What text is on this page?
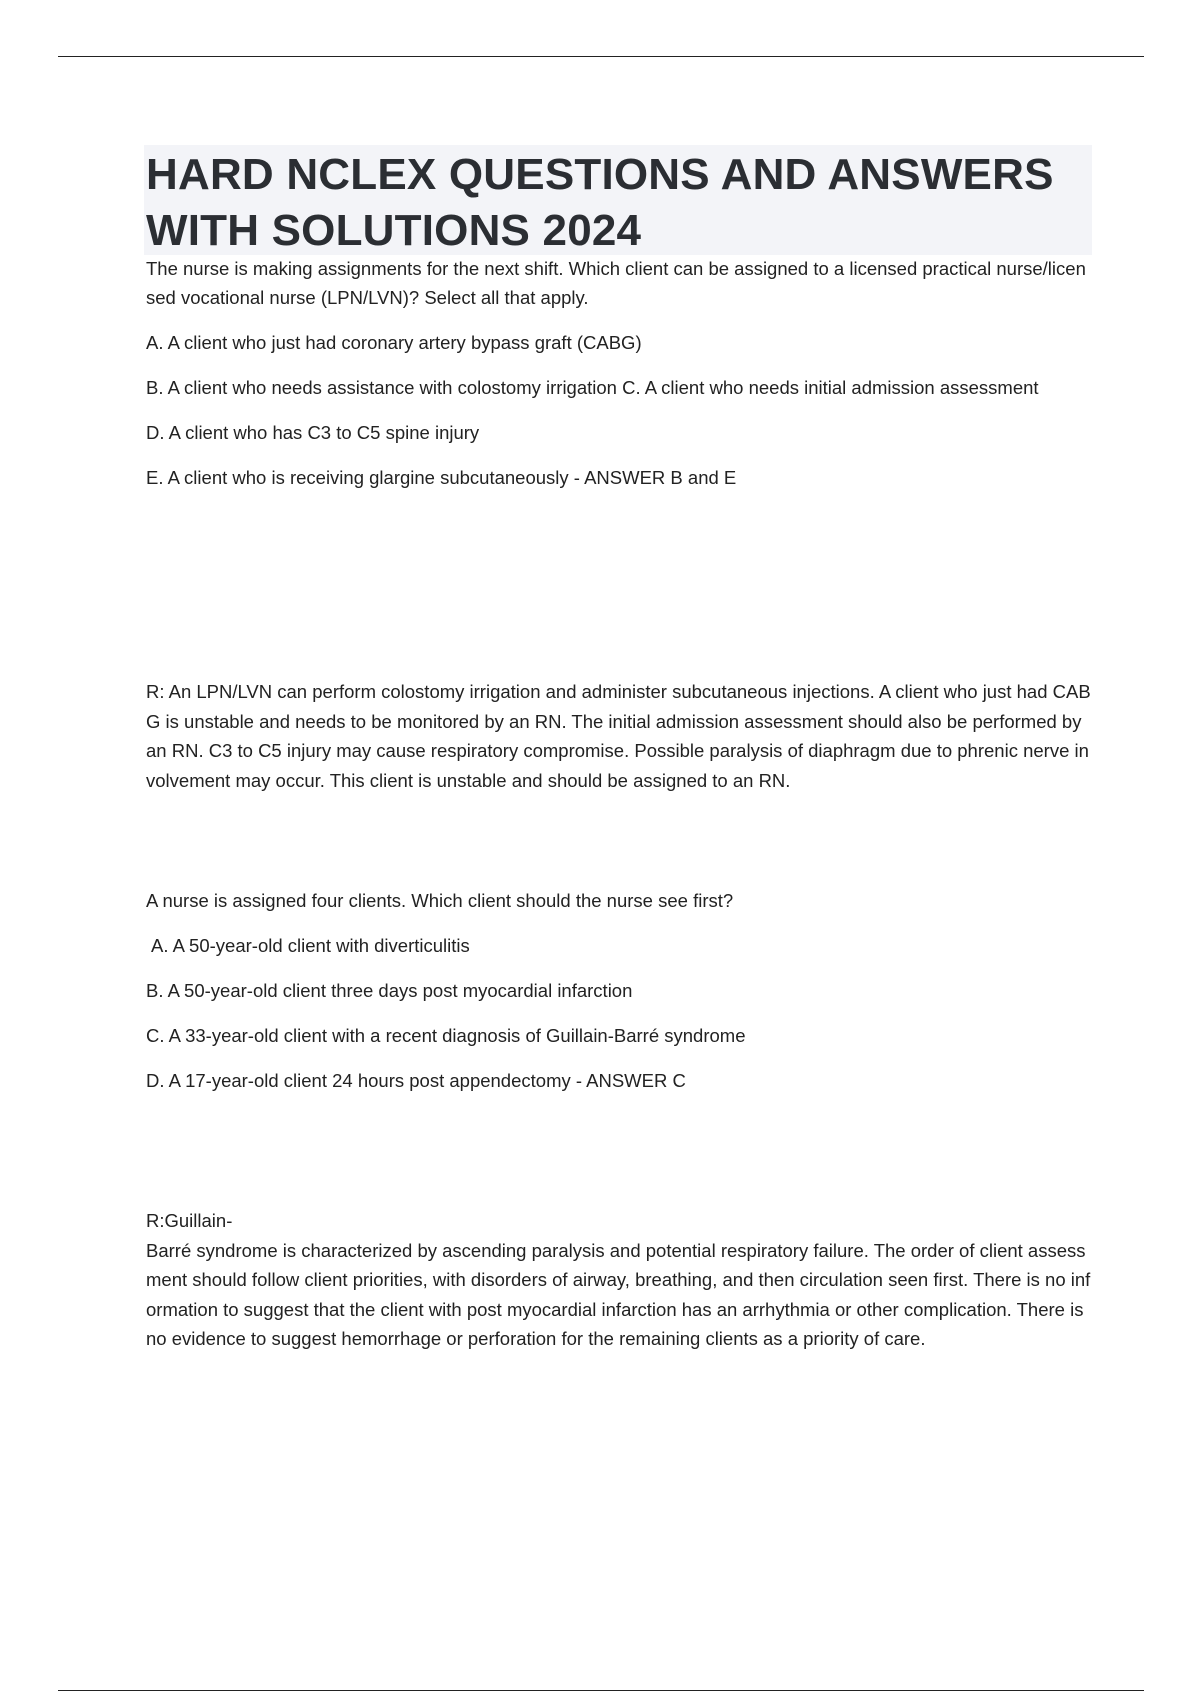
HARD NCLEX QUESTIONS AND ANSWERS WITH SOLUTIONS 2024

The nurse is making assignments for the next shift. Which client can be assigned to a licensed practical nurse/licensed vocational nurse (LPN/LVN)? Select all that apply.

A. A client who just had coronary artery bypass graft (CABG)

B. A client who needs assistance with colostomy irrigation C. A client who needs initial admission assessment

D. A client who has C3 to C5 spine injury

E. A client who is receiving glargine subcutaneously - ANSWER B and E

R: An LPN/LVN can perform colostomy irrigation and administer subcutaneous injections. A client who just had CABG is unstable and needs to be monitored by an RN. The initial admission assessment should also be performed by an RN. C3 to C5 injury may cause respiratory compromise. Possible paralysis of diaphragm due to phrenic nerve involvement may occur. This client is unstable and should be assigned to an RN.

A nurse is assigned four clients. Which client should the nurse see first?

A. A 50-year-old client with diverticulitis

B. A 50-year-old client three days post myocardial infarction

C. A 33-year-old client with a recent diagnosis of Guillain-Barré syndrome

D. A 17-year-old client 24 hours post appendectomy - ANSWER C

R:Guillain-
Barré syndrome is characterized by ascending paralysis and potential respiratory failure. The order of client assessment should follow client priorities, with disorders of airway, breathing, and then circulation seen first. There is no information to suggest that the client with post myocardial infarction has an arrhythmia or other complication. There is no evidence to suggest hemorrhage or perforation for the remaining clients as a priority of care.
